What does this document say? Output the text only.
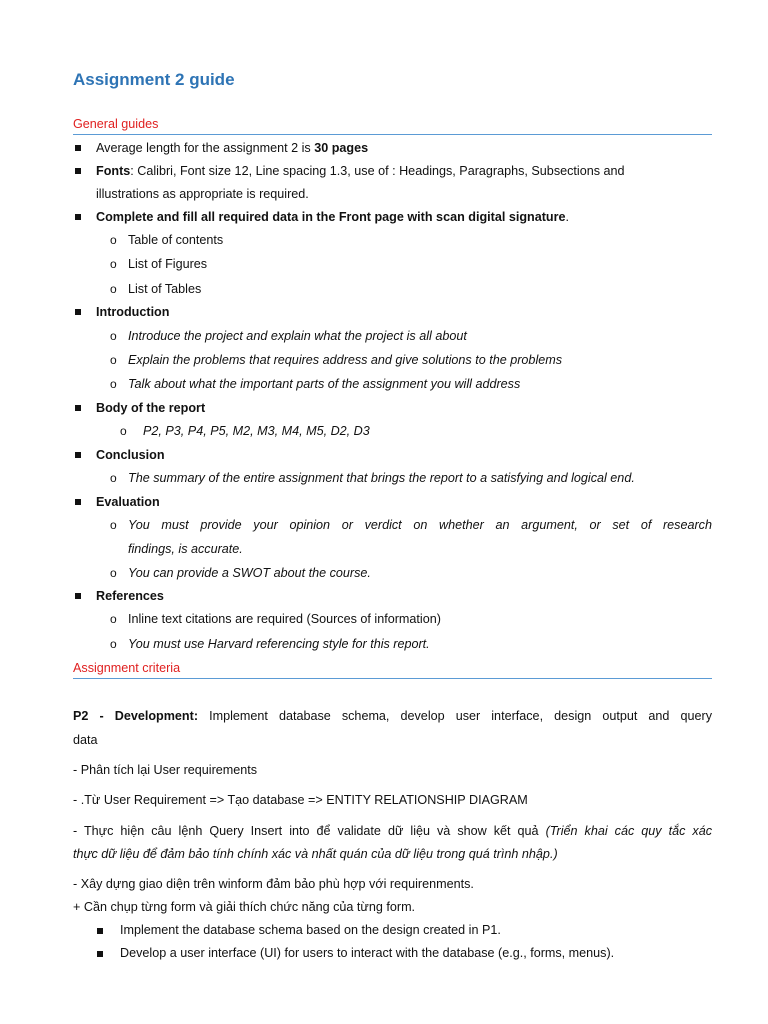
Assignment 2 guide
General guides
Average length for the assignment 2 is 30 pages
Fonts: Calibri, Font size 12, Line spacing 1.3, use of : Headings, Paragraphs, Subsections and
illustrations as appropriate is required.
Complete and fill all required data in the Front page with scan digital signature.
o Table of contents
o List of Figures
o List of Tables
Introduction
o Introduce the project and explain what the project is all about
o Explain the problems that requires address and give solutions to the problems
o Talk about what the important parts of the assignment you will address
Body of the report
o P2, P3, P4, P5, M2, M3, M4, M5, D2, D3
Conclusion
o The summary of the entire assignment that brings the report to a satisfying and logical end.
Evaluation
o You must provide your opinion or verdict on whether an argument, or set of research
findings, is accurate.
o You can provide a SWOT about the course.
References
o Inline text citations are required (Sources of information)
o You must use Harvard referencing style for this report.
Assignment criteria
P2 - Development: Implement database schema, develop user interface, design output and query
data
- Phân tích lại User requirements
- .Từ User Requirement => Tạo database => ENTITY RELATIONSHIP DIAGRAM
- Thực hiện câu lệnh Query Insert into để validate dữ liệu và show kết quả (Triển khai các quy tắc xác
thực dữ liệu để đảm bảo tính chính xác và nhất quán của dữ liệu trong quá trình nhập.)
- Xây dựng giao diện trên winform đảm bảo phù hợp với requirenments.
+ Cần chụp từng form và giải thích chức năng của từng form.
Implement the database schema based on the design created in P1.
Develop a user interface (UI) for users to interact with the database (e.g., forms, menus).
